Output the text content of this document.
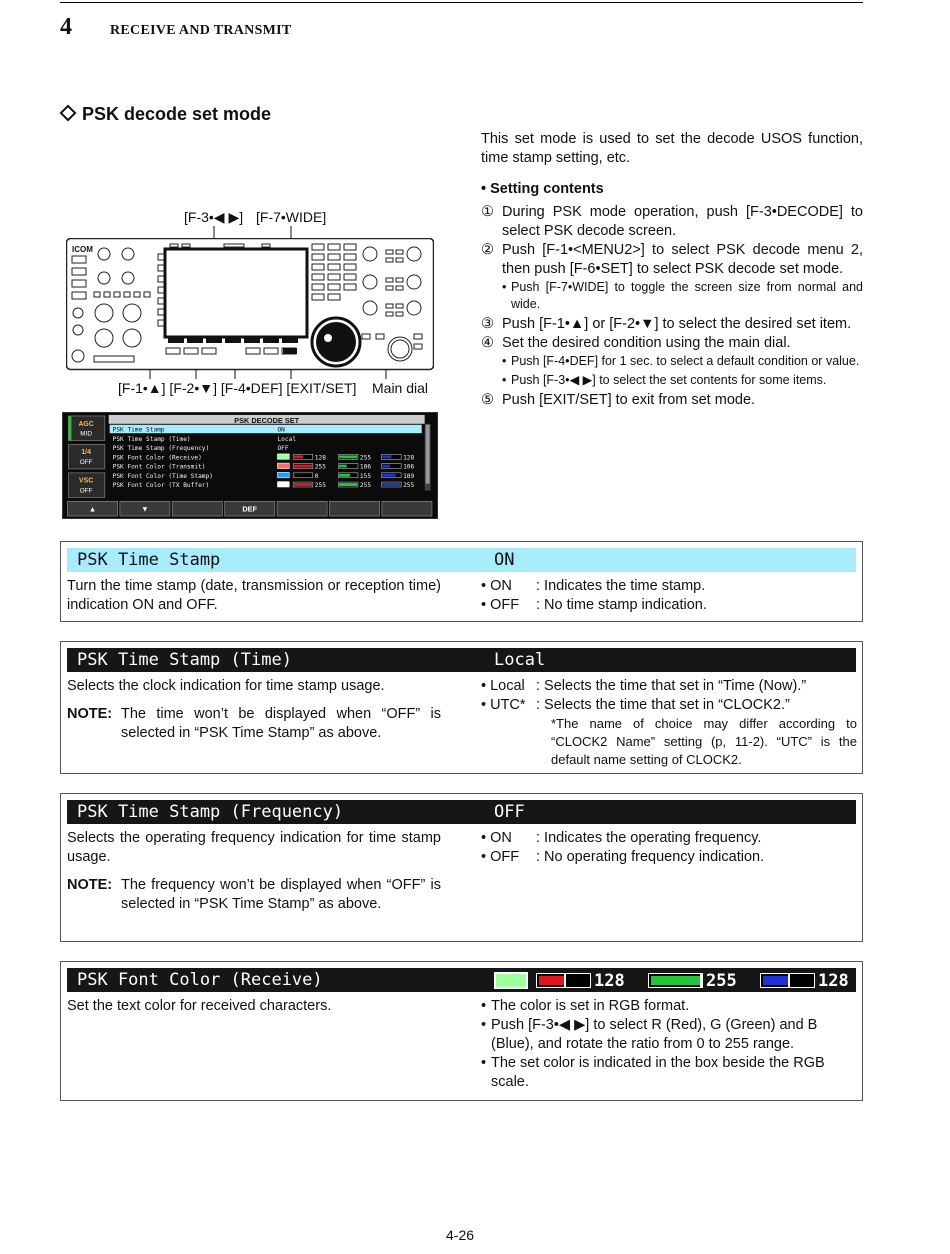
4	RECEIVE AND TRANSMIT
PSK decode set mode

This set mode is used to set the decode USOS function, time stamp setting, etc.

• Setting contents

① During PSK mode operation, push [F-3•DECODE] to select PSK decode screen.
② Push [F-1•<MENU2>] to select PSK decode menu 2, then push [F-6•SET] to select PSK decode set mode.
• Push [F-7•WIDE] to toggle the screen size from normal and wide.
③ Push [F-1•▲] or [F-2•▼] to select the desired set item.
④ Set the desired condition using the main dial.
• Push [F-4•DEF] for 1 sec. to select a default condition or value.
• Push [F-3•◀ ▶] to select the set contents for some items.
⑤ Push [EXIT/SET] to exit from set mode.
[F-3•◀ ▶] [F-7•WIDE]
[F-1•▲] [F-2•▼] [F-4•DEF] [EXIT/SET] Main dial
ICOM
PSK DECODE SET
AGC
MID
1/4
OFF
VSC
OFF
PSK Time Stamp	ON
PSK Time Stamp (Time)	Local
PSK Time Stamp (Frequency)	OFF
PSK Font Color (Receive)	128	255	128
PSK Font Color (Transmit)	255	106	106
PSK Font Color (Time Stamp)	0	155	189
PSK Font Color (TX Buffer)	255	255	255
▲	▼	DEF
PSK Time Stamp	ON

Turn the time stamp (date, transmission or reception time) indication ON and OFF.

• ON	: Indicates the time stamp.
• OFF	: No time stamp indication.
PSK Time Stamp (Time)	Local

Selects the clock indication for time stamp usage.

NOTE: The time won’t be displayed when “OFF” is selected in “PSK Time Stamp” as above.
• Local : Selects the time that set in “Time (Now).”
• UTC* : Selects the time that set in “CLOCK2.”
*The name of choice may differ according to “CLOCK2 Name” setting (p, 11-2). “UTC” is the default name setting of CLOCK2.
PSK Time Stamp (Frequency)	OFF

Selects the operating frequency indication for time stamp usage.

NOTE: The frequency won’t be displayed when “OFF” is selected in “PSK Time Stamp” as above.
• ON	: Indicates the operating frequency.
• OFF	: No operating frequency indication.
PSK Font Color (Receive)	128	255	128

Set the text color for received characters.	• The color is set in RGB format.
• Push [F-3•◀ ▶] to select R (Red), G (Green) and B (Blue), and rotate the ratio from 0 to 255 range.
• The set color is indicated in the box beside the RGB scale.
4-26
